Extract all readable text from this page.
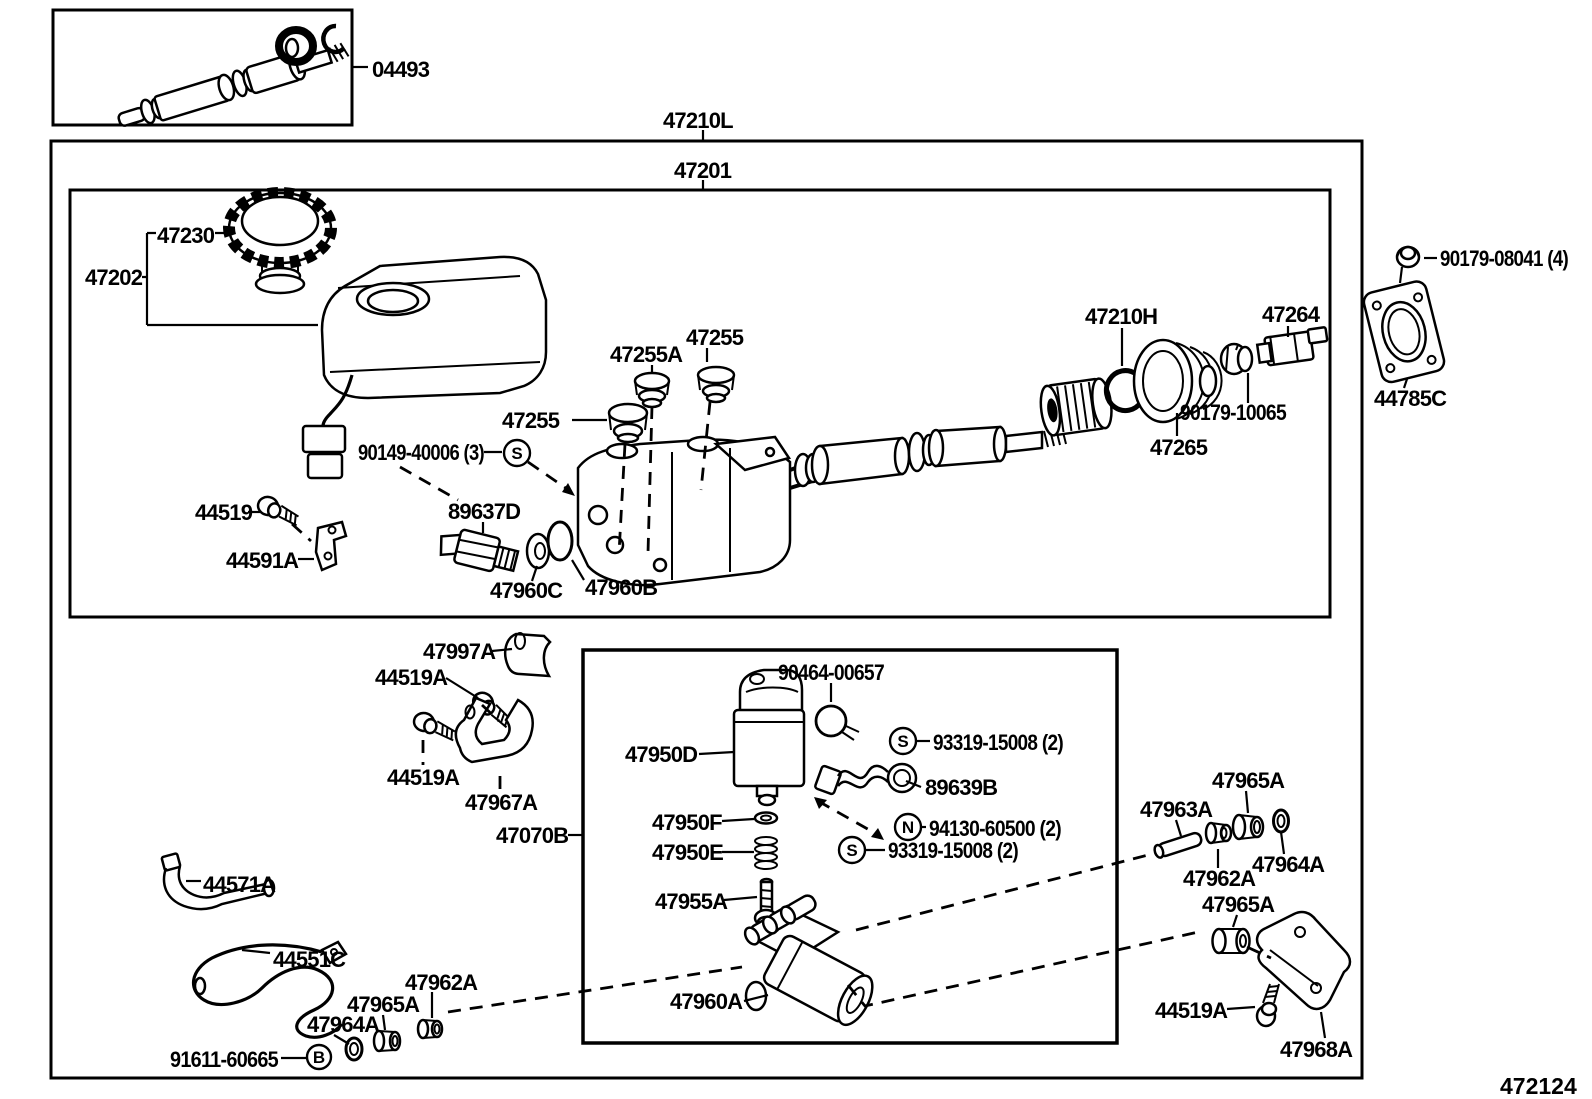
B
S
S
N
S
04493
47210L
47201
47230
47202
47255
47255A
47255
90149-40006 (3)
44519
44591A
89637D
47960C 47960B
47210H	47264
90179-10065
47265
90179-08041 (4)
44785C
47997A
44519A
44519A
47967A
47070B
90464-00657
47950D	93319-15008 (2)
89639B
47950F	94130-60500 (2)
47950E	93319-15008 (2)
47955A
47960A
47963A
47965A
47962A
47964A
47965A
44519A
47968A
44571A
44551C
47962A
47965A
47964A
91611-60665
472124
